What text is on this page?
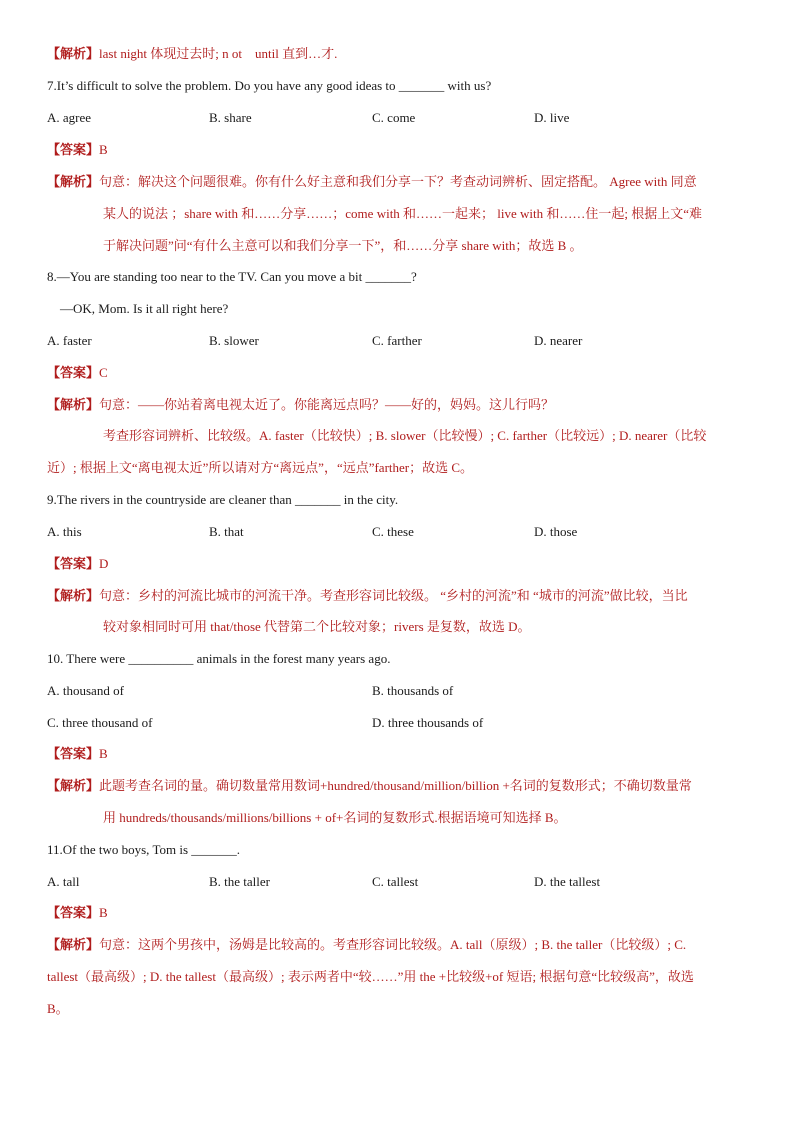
【解析】last night 体现过去时; n ot　until 直到…才.
7.It’s difficult to solve the problem. Do you have any good ideas to _______ with us?
A. agree	B. share	C. come	D. live
【答案】B
【解析】句意：解决这个问题很难。你有什么好主意和我们分享一下？考查动词辨析、固定搭配。 Agree with 同意
某人的说法 ；share with 和……分享……；come with 和……一起来； live with 和……住一起; 根据上文“难
于解决问题”问“有什么主意可以和我们分享一下”，和……分享 share with；故选 B 。
8.—You are standing too near to the TV. Can you move a bit _______?
—OK, Mom. Is it all right here?
A. faster	B. slower	C. farther	D. nearer
【答案】C
【解析】句意：——你站着离电视太近了。你能离远点吗？——好的，妈妈。这儿行吗？
考查形容词辨析、比较级。A. faster（比较快）; B. slower（比较慢）; C. farther（比较远）; D. nearer（比较
近）; 根据上文“离电视太近”所以请对方“离远点”，“远点”farther；故选 C。
9.The rivers in the countryside are cleaner than _______ in the city.
A. this	B. that	C. these	D. those
【答案】D
【解析】句意：乡村的河流比城市的河流干净。考查形容词比较级。 “乡村的河流”和 “城市的河流”做比较，当比
较对象相同时可用 that/those 代替第二个比较对象；rivers 是复数，故选 D。
10. There were __________ animals in the forest many years ago.
A. thousand of	B. thousands of
C. three thousand of	D. three thousands of
【答案】B
【解析】此题考查名词的量。确切数量常用数词+hundred/thousand/million/billion +名词的复数形式；不确切数量常
用 hundreds/thousands/millions/billions + of+名词的复数形式.根据语境可知选择 B。
11.Of the two boys, Tom is _______.
A. tall	B. the taller	C. tallest	D. the tallest
【答案】B
【解析】句意：这两个男孩中，汤姆是比较高的。考查形容词比较级。A. tall（原级）; B. the taller（比较级）; C.
tallest（最高级）; D. the tallest（最高级）; 表示两者中“较……”用 the +比较级+of 短语; 根据句意“比较级高”，故选
B。
